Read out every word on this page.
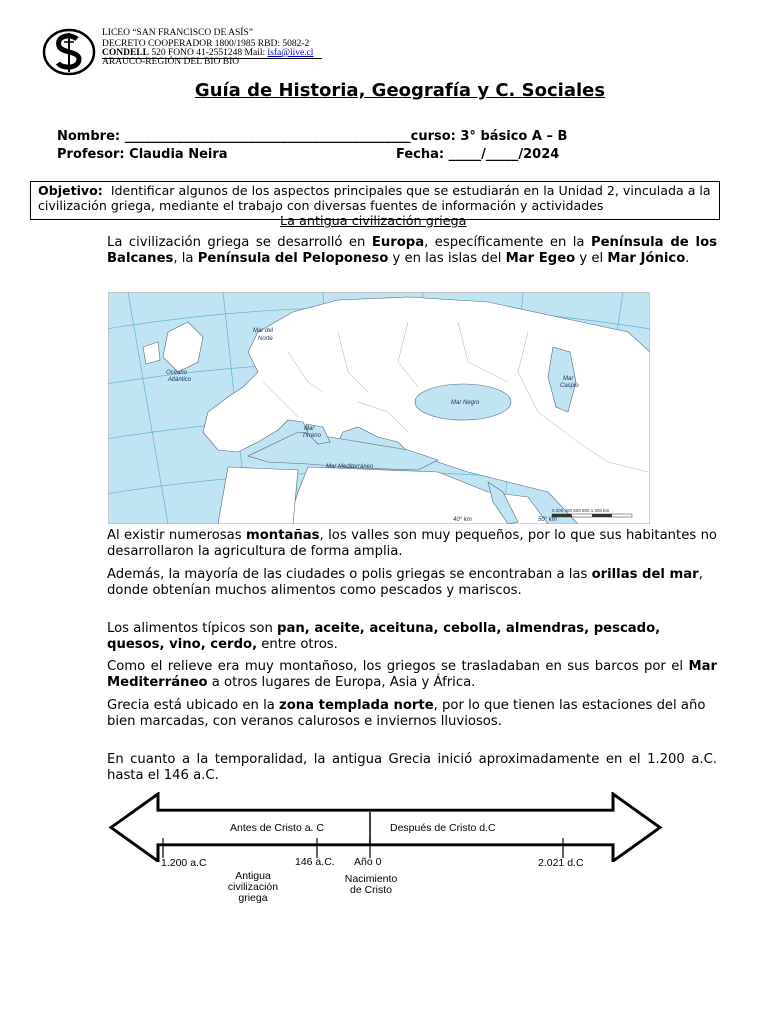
LICEO “SAN FRANCISCO DE ASÍS”
DECRETO COOPERADOR 1800/1985 RBD: 5082-2
CONDELL 520 FONO 41-2551248 Mail: lsfa@live.cl
ARAUCO-REGIÓN DEL BIO BIO
Guía de Historia, Geografía y C. Sociales
Nombre: ____________________________________________curso: 3° básico A – B
Profesor: Claudia Neira	Fecha: _____/_____/2024
Objetivo: Identificar algunos de los aspectos principales que se estudiarán en la Unidad 2, vinculada a la civilización griega, mediante el trabajo con diversas fuentes de información y actividades
La antigua civilización griega
La civilización griega se desarrolló en Europa, específicamente en la Península de los Balcanes, la Península del Peloponeso y en las islas del Mar Egeo y el Mar Jónico.
Océano
Atlántico
Mar del
Norte
Mar Negro
Mar
Caspio
Mar
Tirreno
Mar Mediterráneo
40° km	50° km
0 200 400 600 800 1 000 km
Al existir numerosas montañas, los valles son muy pequeños, por lo que sus habitantes no desarrollaron la agricultura de forma amplia.
Además, la mayoría de las ciudades o polis griegas se encontraban a las orillas del mar, donde obtenían muchos alimentos como pescados y mariscos.
Los alimentos típicos son pan, aceite, aceituna, cebolla, almendras, pescado, quesos, vino, cerdo, entre otros.
Como el relieve era muy montañoso, los griegos se trasladaban en sus barcos por el Mar Mediterráneo a otros lugares de Europa, Asia y África.
Grecia está ubicado en la zona templada norte, por lo que tienen las estaciones del año bien marcadas, con veranos calurosos e inviernos lluviosos.
En cuanto a la temporalidad, la antigua Grecia inició aproximadamente en el 1.200 a.C. hasta el 146 a.C.
Antes de Cristo a. C	Después de Cristo d.C
1.200 a.C	146 a.C. Año 0	2.021 d.C
Antigua
civilización
griega
Nacimiento
de Cristo
